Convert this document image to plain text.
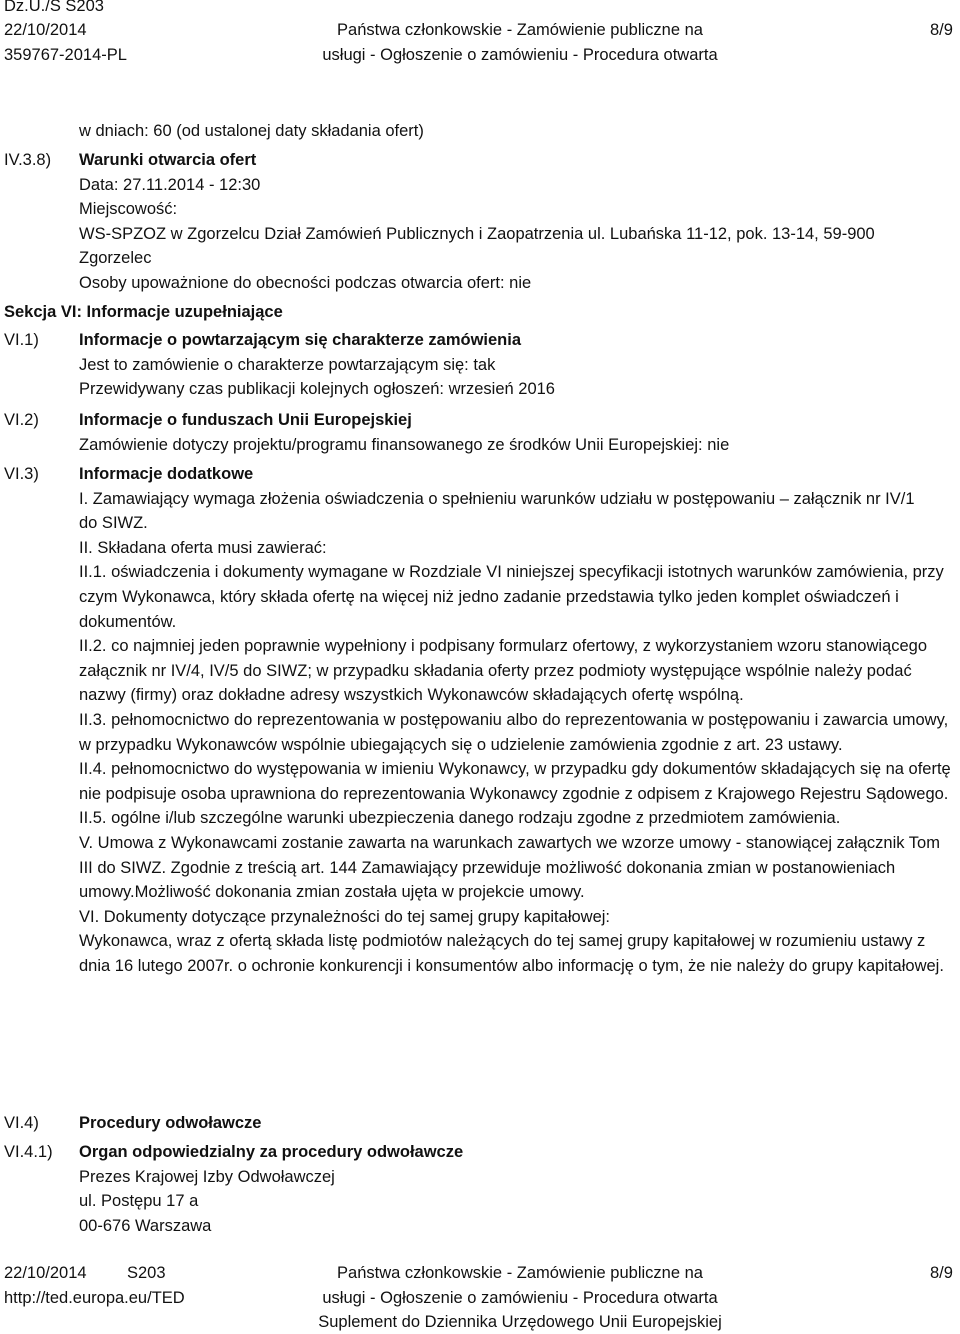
Dz.U./S S203
22/10/2014
359767-2014-PL
Państwa członkowskie - Zamówienie publiczne na
usługi - Ogłoszenie o zamówieniu - Procedura otwarta
8/9
w dniach: 60 (od ustalonej daty składania ofert)
IV.3.8) Warunki otwarcia ofert
Data: 27.11.2014 - 12:30
Miejscowość:
WS-SPZOZ w Zgorzelcu Dział Zamówień Publicznych i Zaopatrzenia ul. Lubańska 11-12, pok. 13-14, 59-900
Zgorzelec
Osoby upoważnione do obecności podczas otwarcia ofert: nie
Sekcja VI: Informacje uzupełniające
VI.1) Informacje o powtarzającym się charakterze zamówienia
Jest to zamówienie o charakterze powtarzającym się: tak
Przewidywany czas publikacji kolejnych ogłoszeń: wrzesień 2016
VI.2) Informacje o funduszach Unii Europejskiej
Zamówienie dotyczy projektu/programu finansowanego ze środków Unii Europejskiej: nie
VI.3) Informacje dodatkowe
I. Zamawiający wymaga złożenia oświadczenia o spełnieniu warunków udziału w postępowaniu – załącznik nr IV/1
do SIWZ.
II. Składana oferta musi zawierać:
II.1. oświadczenia i dokumenty wymagane w Rozdziale VI niniejszej specyfikacji istotnych warunków zamówienia, przy czym Wykonawca, który składa ofertę na więcej niż jedno zadanie przedstawia tylko jeden komplet oświadczeń i dokumentów.
II.2. co najmniej jeden poprawnie wypełniony i podpisany formularz ofertowy, z wykorzystaniem wzoru stanowiącego załącznik nr IV/4, IV/5 do SIWZ; w przypadku składania oferty przez podmioty występujące wspólnie należy podać nazwy (firmy) oraz dokładne adresy wszystkich Wykonawców składających ofertę wspólną.
II.3. pełnomocnictwo do reprezentowania w postępowaniu albo do reprezentowania w postępowaniu i zawarcia umowy, w przypadku Wykonawców wspólnie ubiegających się o udzielenie zamówienia zgodnie z art. 23 ustawy.
II.4. pełnomocnictwo do występowania w imieniu Wykonawcy, w przypadku gdy dokumentów składających się na ofertę nie podpisuje osoba uprawniona do reprezentowania Wykonawcy zgodnie z odpisem z Krajowego Rejestru Sądowego.
II.5. ogólne i/lub szczególne warunki ubezpieczenia danego rodzaju zgodne z przedmiotem zamówienia.
V. Umowa z Wykonawcami zostanie zawarta na warunkach zawartych we wzorze umowy - stanowiącej załącznik Tom III do SIWZ. Zgodnie z treścią art. 144 Zamawiający przewiduje możliwość dokonania zmian w postanowieniach umowy.Możliwość dokonania zmian została ujęta w projekcie umowy.
VI. Dokumenty dotyczące przynależności do tej samej grupy kapitałowej:
Wykonawca, wraz z ofertą składa listę podmiotów należących do tej samej grupy kapitałowej w rozumieniu ustawy z dnia 16 lutego 2007r. o ochronie konkurencji i konsumentów albo informację o tym, że nie należy do grupy kapitałowej.
VI.4) Procedury odwoławcze
VI.4.1) Organ odpowiedzialny za procedury odwoławcze
Prezes Krajowej Izby Odwoławczej
ul. Postępu 17 a
00-676 Warszawa
22/10/2014 S203
http://ted.europa.eu/TED
Państwa członkowskie - Zamówienie publiczne na
usługi - Ogłoszenie o zamówieniu - Procedura otwarta
Suplement do Dziennika Urzędowego Unii Europejskiej
8/9
